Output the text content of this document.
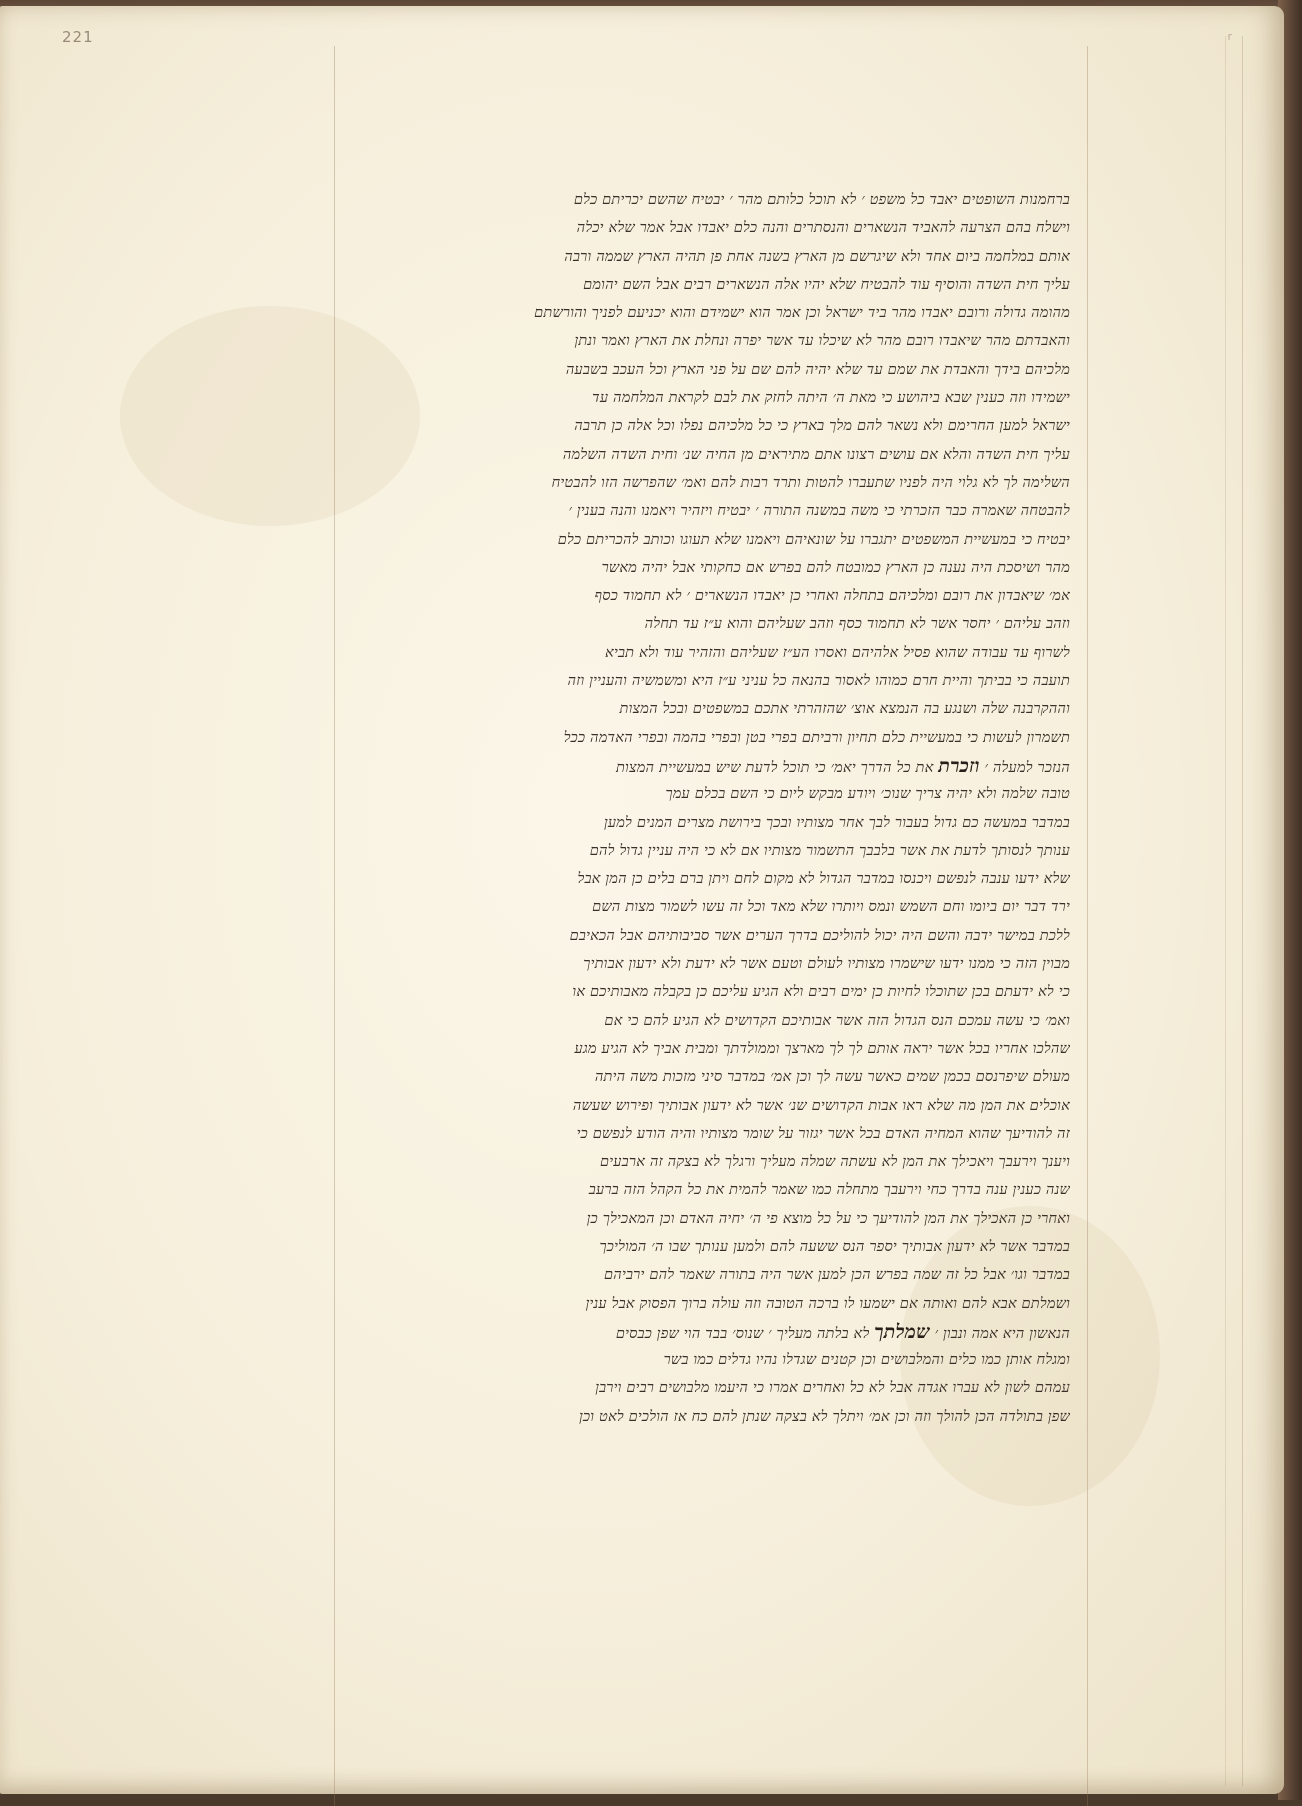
221	r
ברחמנות השופטים יאבד כל משפט ׳ לא תוכל כלותם מהר ׳ יבטיח שהשם יכריתם כלם
וישלח בהם הצרעה להאביד הנשארים והנסתרים והנה כלם יאבדו אבל אמר שלא יכלה
אותם במלחמה ביום אחד ולא שיגרשם מן הארץ בשנה אחת פן תהיה הארץ שממה ורבה
עליך חית השדה והוסיף עוד להבטיח שלא יהיו אלה הנשארים רבים אבל השם יהומם
מהומה גדולה ורובם יאבדו מהר ביד ישראל וכן אמר הוא ישמידם והוא יכניעם לפניך והורשתם
והאבדתם מהר שיאבדו רובם מהר לא שיכלו עד אשר יפרה ונחלת את הארץ ואמר ונתן
מלכיהם בידך והאבדת את שמם עד שלא יהיה להם שם על פני הארץ וכל העכב בשבעה
ישמידו וזה כענין שבא ביהושע כי מאת ה׳ היתה לחזק את לבם לקראת המלחמה עד
ישראל למען החרימם ולא נשאר להם מלך בארץ כי כל מלכיהם נפלו וכל אלה כן תרבה
עליך חית השדה והלא אם עושים רצונו אתם מתיראים מן החיה שנ׳ וחית השדה השלמה
השלימה לך לא גלוי היה לפניו שתעברו להטות ותרד רבות להם ואמ׳ שהפרשה הזו להבטיח
להבטחה שאמרה כבר הזכרתי כי משה במשנה התורה ׳ יבטיח ויזהיר ויאמנו והנה בענין ׳
יבטיח כי במעשיית המשפטים יתגברו על שונאיהם ויאמנו שלא תעוגו וכותב להכריתם כלם
מהר ושיסכת היה נענה כן הארץ כמובטח להם בפרש אם כחקותי אבל יהיה מאשר
אמ׳ שיאבדון את רובם ומלכיהם בתחלה ואחרי כן יאבדו הנשארים ׳ לא תחמוד כסף
וזהב עליהם ׳ יחסר אשר לא תחמוד כסף וזהב שעליהם והוא ע״ז עד תחלה
לשרוף עד עבודה שהוא פסיל אלהיהם ואסרו הע״ז שעליהם והזהיר עוד ולא תביא
תועבה כי בביתך והיית חרם כמוהו לאסור בהנאה כל עניני ע״ז היא ומשמשיה והעניין וזה
וההקרבנה שלה ושנגע בה הנמצא אוצ׳ שהזהרתי אתכם במשפטים ובכל המצות
תשמרון לעשות כי במעשיית כלם תחיון ורביתם בפרי בטן ובפרי בהמה ובפרי האדמה ככל
הנזכר למעלה ׳ וזכרת את כל הדרך יאמ׳ כי תוכל לדעת שיש במעשיית המצות
טובה שלמה ולא יהיה צריך שנוכ׳ ויודע מבקש ליום כי השם בכלם עמך
במדבר במעשה כם גדול בעבור לבך אחר מצותיו ובכך בירושת מצרים המנים למען
ענותך לנסותך לדעת את אשר בלבבך התשמור מצותיו אם לא כי היה עניין גדול להם
שלא ידעו ענבה לנפשם ויכנסו במדבר הגדול לא מקום לחם ויתן ברם בלים כן המן אבל
ירד דבר יום ביומו וחם השמש ונמס ויותרו שלא מאד וכל זה עשו לשמור מצות השם
ללכת במישר ידבה והשם היה יכול להוליכם בדרך הערים אשר סביבותיהם אבל הכאיבם
מבוין הזה כי ממנו ידעו שישמרו מצותיו לעולם וטעם אשר לא ידעת ולא ידעון אבותיך
כי לא ידעתם בכן שתוכלו לחיות כן ימים רבים ולא הגיע עליכם כן בקבלה מאבותיכם או
ואמ׳ כי עשה עמכם הנס הגדול הזה אשר אבותיכם הקדושים לא הגיע להם כי אם
שהלכו אחריו בכל אשר יראה אותם לך לך מארצך וממולדתך ומבית אביך לא הגיע מגע
מעולם שיפרנסם בכמן שמים כאשר עשה לך וכן אמ׳ במדבר סיני מזכות משה היתה
אוכלים את המן מה שלא ראו אבות הקדושים שנ׳ אשר לא ידעון אבותיך ופירוש שעשה
זה להודיעך שהוא המחיה האדם בכל אשר יגזור על שומר מצותיו והיה הודע לנפשם כי
ויענך וירעבך ויאכילך את המן לא עשתה שמלה מעליך ורגלך לא בצקה זה ארבעים
שנה כענין ענה בדרך כחי וירעבך מתחלה כמו שאמר להמית את כל הקהל הזה ברעב
ואחרי כן האכילך את המן להודיעך כי על כל מוצא פי ה׳ יחיה האדם וכן המאכילך כן
במדבר אשר לא ידעון אבותיך יספר הנס ששעה להם ולמען ענותך שבו ה׳ המוליכך
במדבר וגו׳ אבל כל זה שמה בפרש הכן למען אשר היה בתורה שאמר להם ירביהם
ושמלתם אבא להם ואותה אם ישמעו לו ברכה הטובה וזה עולה ברוך הפסוק אבל ענין
הנאשון היא אמה ונבון ׳ שמלתך לא בלתה מעליך ׳ שנוס׳ בבד הוי שפן כבסים
ומגלח אותן כמו כלים והמלבושים וכן קטנים שגדלו נהיו גדלים כמו בשר
עמהם לשון לא עברו אגדה אבל לא כל ואחרים אמרו כי היעמו מלבושים רבים וירבן
שפן בתולדה הכן להולך וזה וכן אמ׳ ויתלך לא בצקה שנתן להם כח אז הולכים לאט וכן
